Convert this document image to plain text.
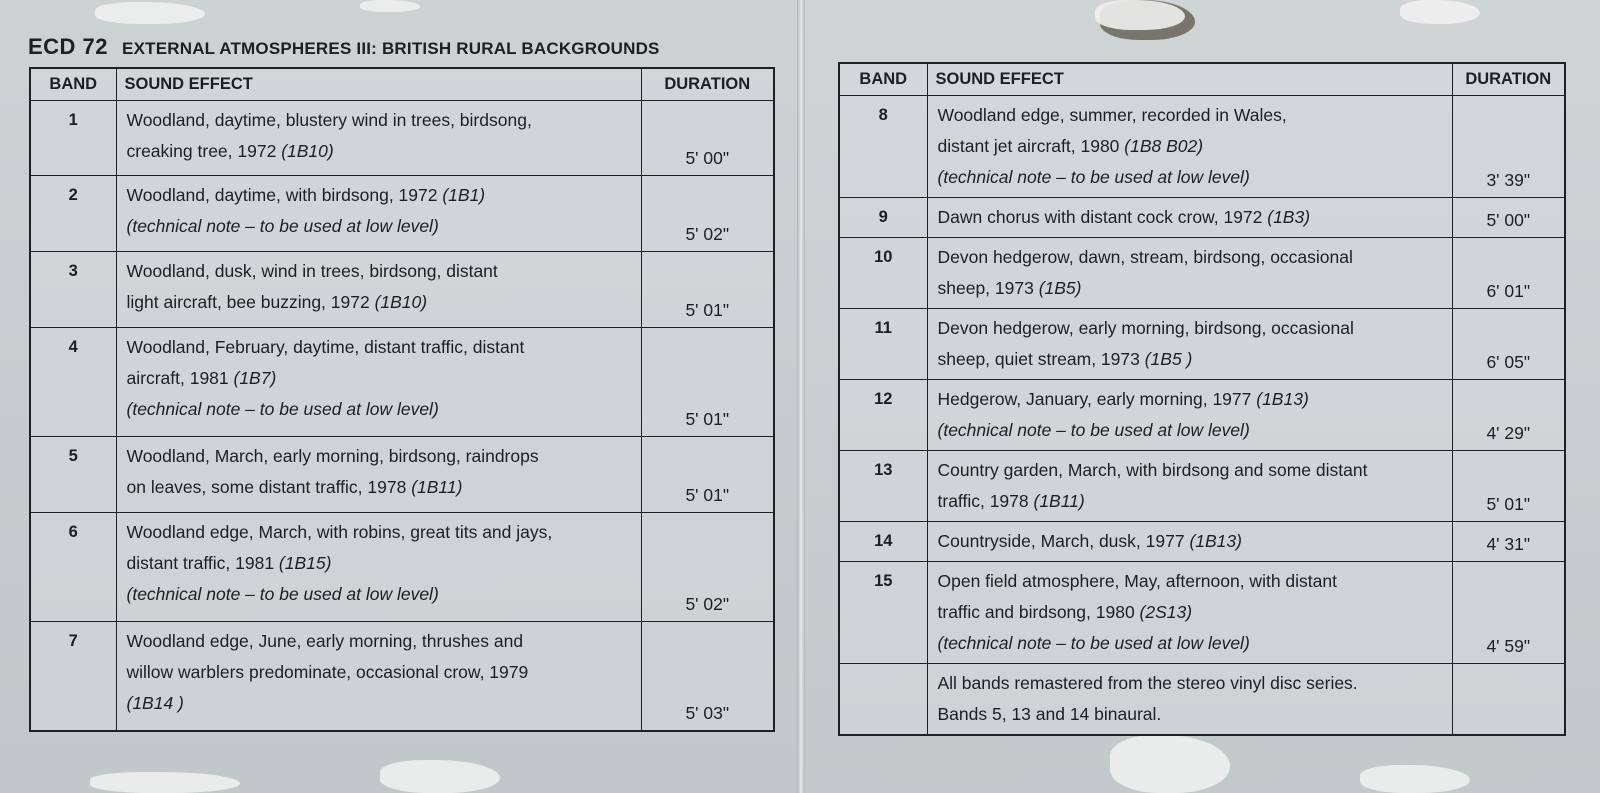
ECD 72 EXTERNAL ATMOSPHERES III: BRITISH RURAL BACKGROUNDS
BAND	SOUND EFFECT	DURATION
1	Woodland, daytime, blustery wind in trees, birdsong,
creaking tree, 1972 (1B10)	5' 00"
2	Woodland, daytime, with birdsong, 1972 (1B1)
(technical note – to be used at low level)	5' 02"
3	Woodland, dusk, wind in trees, birdsong, distant
light aircraft, bee buzzing, 1972 (1B10)	5' 01"
4	Woodland, February, daytime, distant traffic, distant
aircraft, 1981 (1B7)
(technical note – to be used at low level)	5' 01"
5	Woodland, March, early morning, birdsong, raindrops
on leaves, some distant traffic, 1978 (1B11)	5' 01"
6	Woodland edge, March, with robins, great tits and jays,
distant traffic, 1981 (1B15)
(technical note – to be used at low level)	5' 02"
7	Woodland edge, June, early morning, thrushes and
willow warblers predominate, occasional crow, 1979
(1B14 )	5' 03"
BAND	SOUND EFFECT	DURATION
8	Woodland edge, summer, recorded in Wales,
distant jet aircraft, 1980 (1B8 B02)
(technical note – to be used at low level)	3' 39"
9	Dawn chorus with distant cock crow, 1972 (1B3)	5' 00"
10	Devon hedgerow, dawn, stream, birdsong, occasional
sheep, 1973 (1B5)	6' 01"
11	Devon hedgerow, early morning, birdsong, occasional
sheep, quiet stream, 1973 (1B5 )	6' 05"
12	Hedgerow, January, early morning, 1977 (1B13)
(technical note – to be used at low level)	4' 29"
13	Country garden, March, with birdsong and some distant
traffic, 1978 (1B11)	5' 01"
14	Countryside, March, dusk, 1977 (1B13)	4' 31"
15	Open field atmosphere, May, afternoon, with distant
traffic and birdsong, 1980 (2S13)
(technical note – to be used at low level)	4' 59"

	All bands remastered from the stereo vinyl disc series.
Bands 5, 13 and 14 binaural.	
